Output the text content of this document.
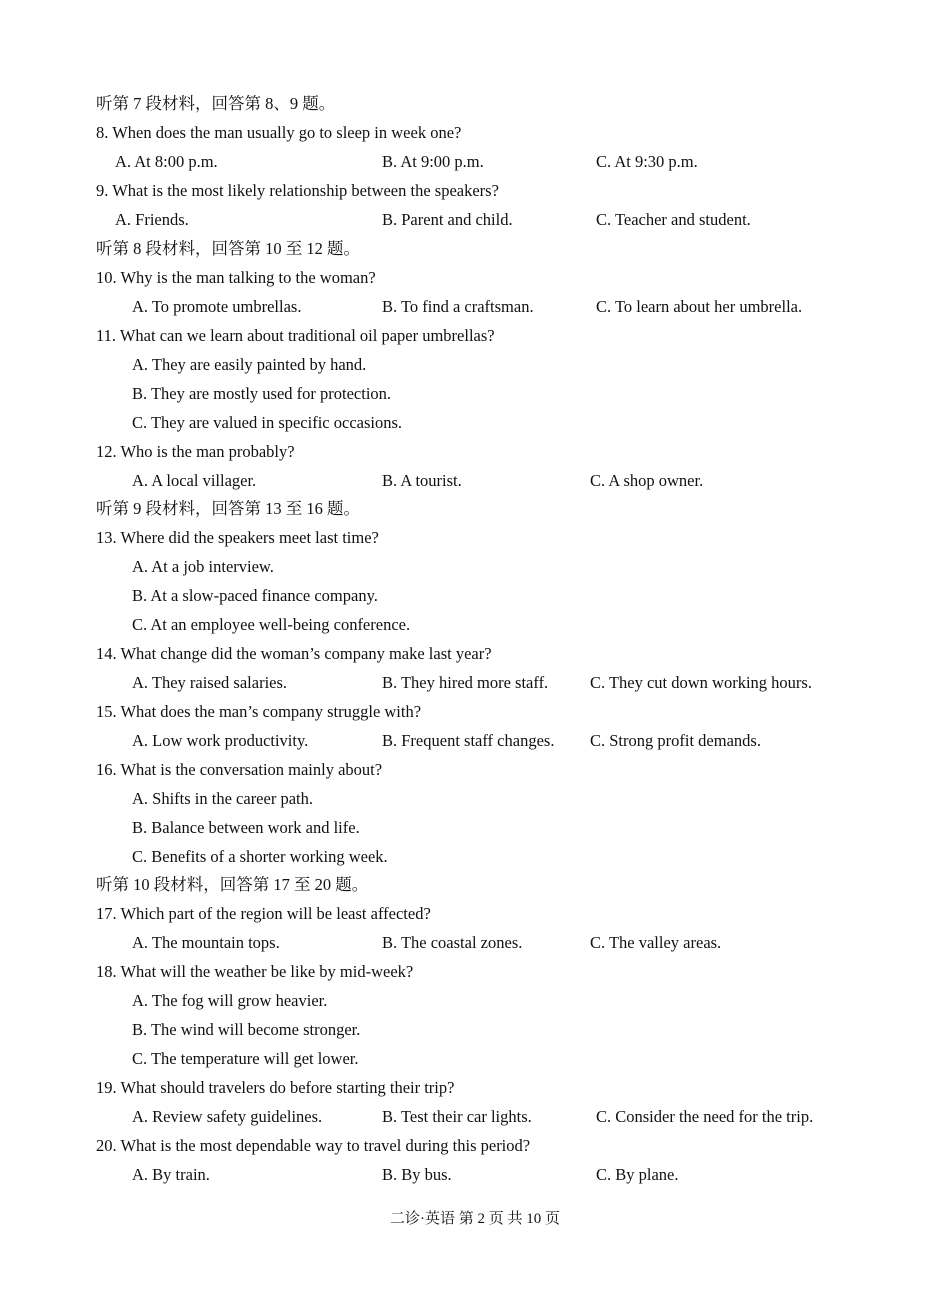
听第 7 段材料，回答第 8、9 题。
8. When does the man usually go to sleep in week one?
A. At 8:00 p.m.	B. At 9:00 p.m.	C. At 9:30 p.m.
9. What is the most likely relationship between the speakers?
A. Friends.	B. Parent and child.	C. Teacher and student.
听第 8 段材料，回答第 10 至 12 题。
10. Why is the man talking to the woman?
A. To promote umbrellas.	B. To find a craftsman.	C. To learn about her umbrella.
11. What can we learn about traditional oil paper umbrellas?
A. They are easily painted by hand.
B. They are mostly used for protection.
C. They are valued in specific occasions.
12. Who is the man probably?
A. A local villager.	B. A tourist.	C. A shop owner.
听第 9 段材料，回答第 13 至 16 题。
13. Where did the speakers meet last time?
A. At a job interview.
B. At a slow-paced finance company.
C. At an employee well-being conference.
14. What change did the woman’s company make last year?
A. They raised salaries.	B. They hired more staff.	C. They cut down working hours.
15. What does the man’s company struggle with?
A. Low work productivity.	B. Frequent staff changes. C. Strong profit demands.
16. What is the conversation mainly about?
A. Shifts in the career path.
B. Balance between work and life.
C. Benefits of a shorter working week.
听第 10 段材料，回答第 17 至 20 题。
17. Which part of the region will be least affected?
A. The mountain tops.	B. The coastal zones.	C. The valley areas.
18. What will the weather be like by mid-week?
A. The fog will grow heavier.
B. The wind will become stronger.
C. The temperature will get lower.
19. What should travelers do before starting their trip?
A. Review safety guidelines.	B. Test their car lights.	C. Consider the need for the trip.
20. What is the most dependable way to travel during this period?
A. By train.	B. By bus.	C. By plane.
二诊·英语 第 2 页 共 10 页
